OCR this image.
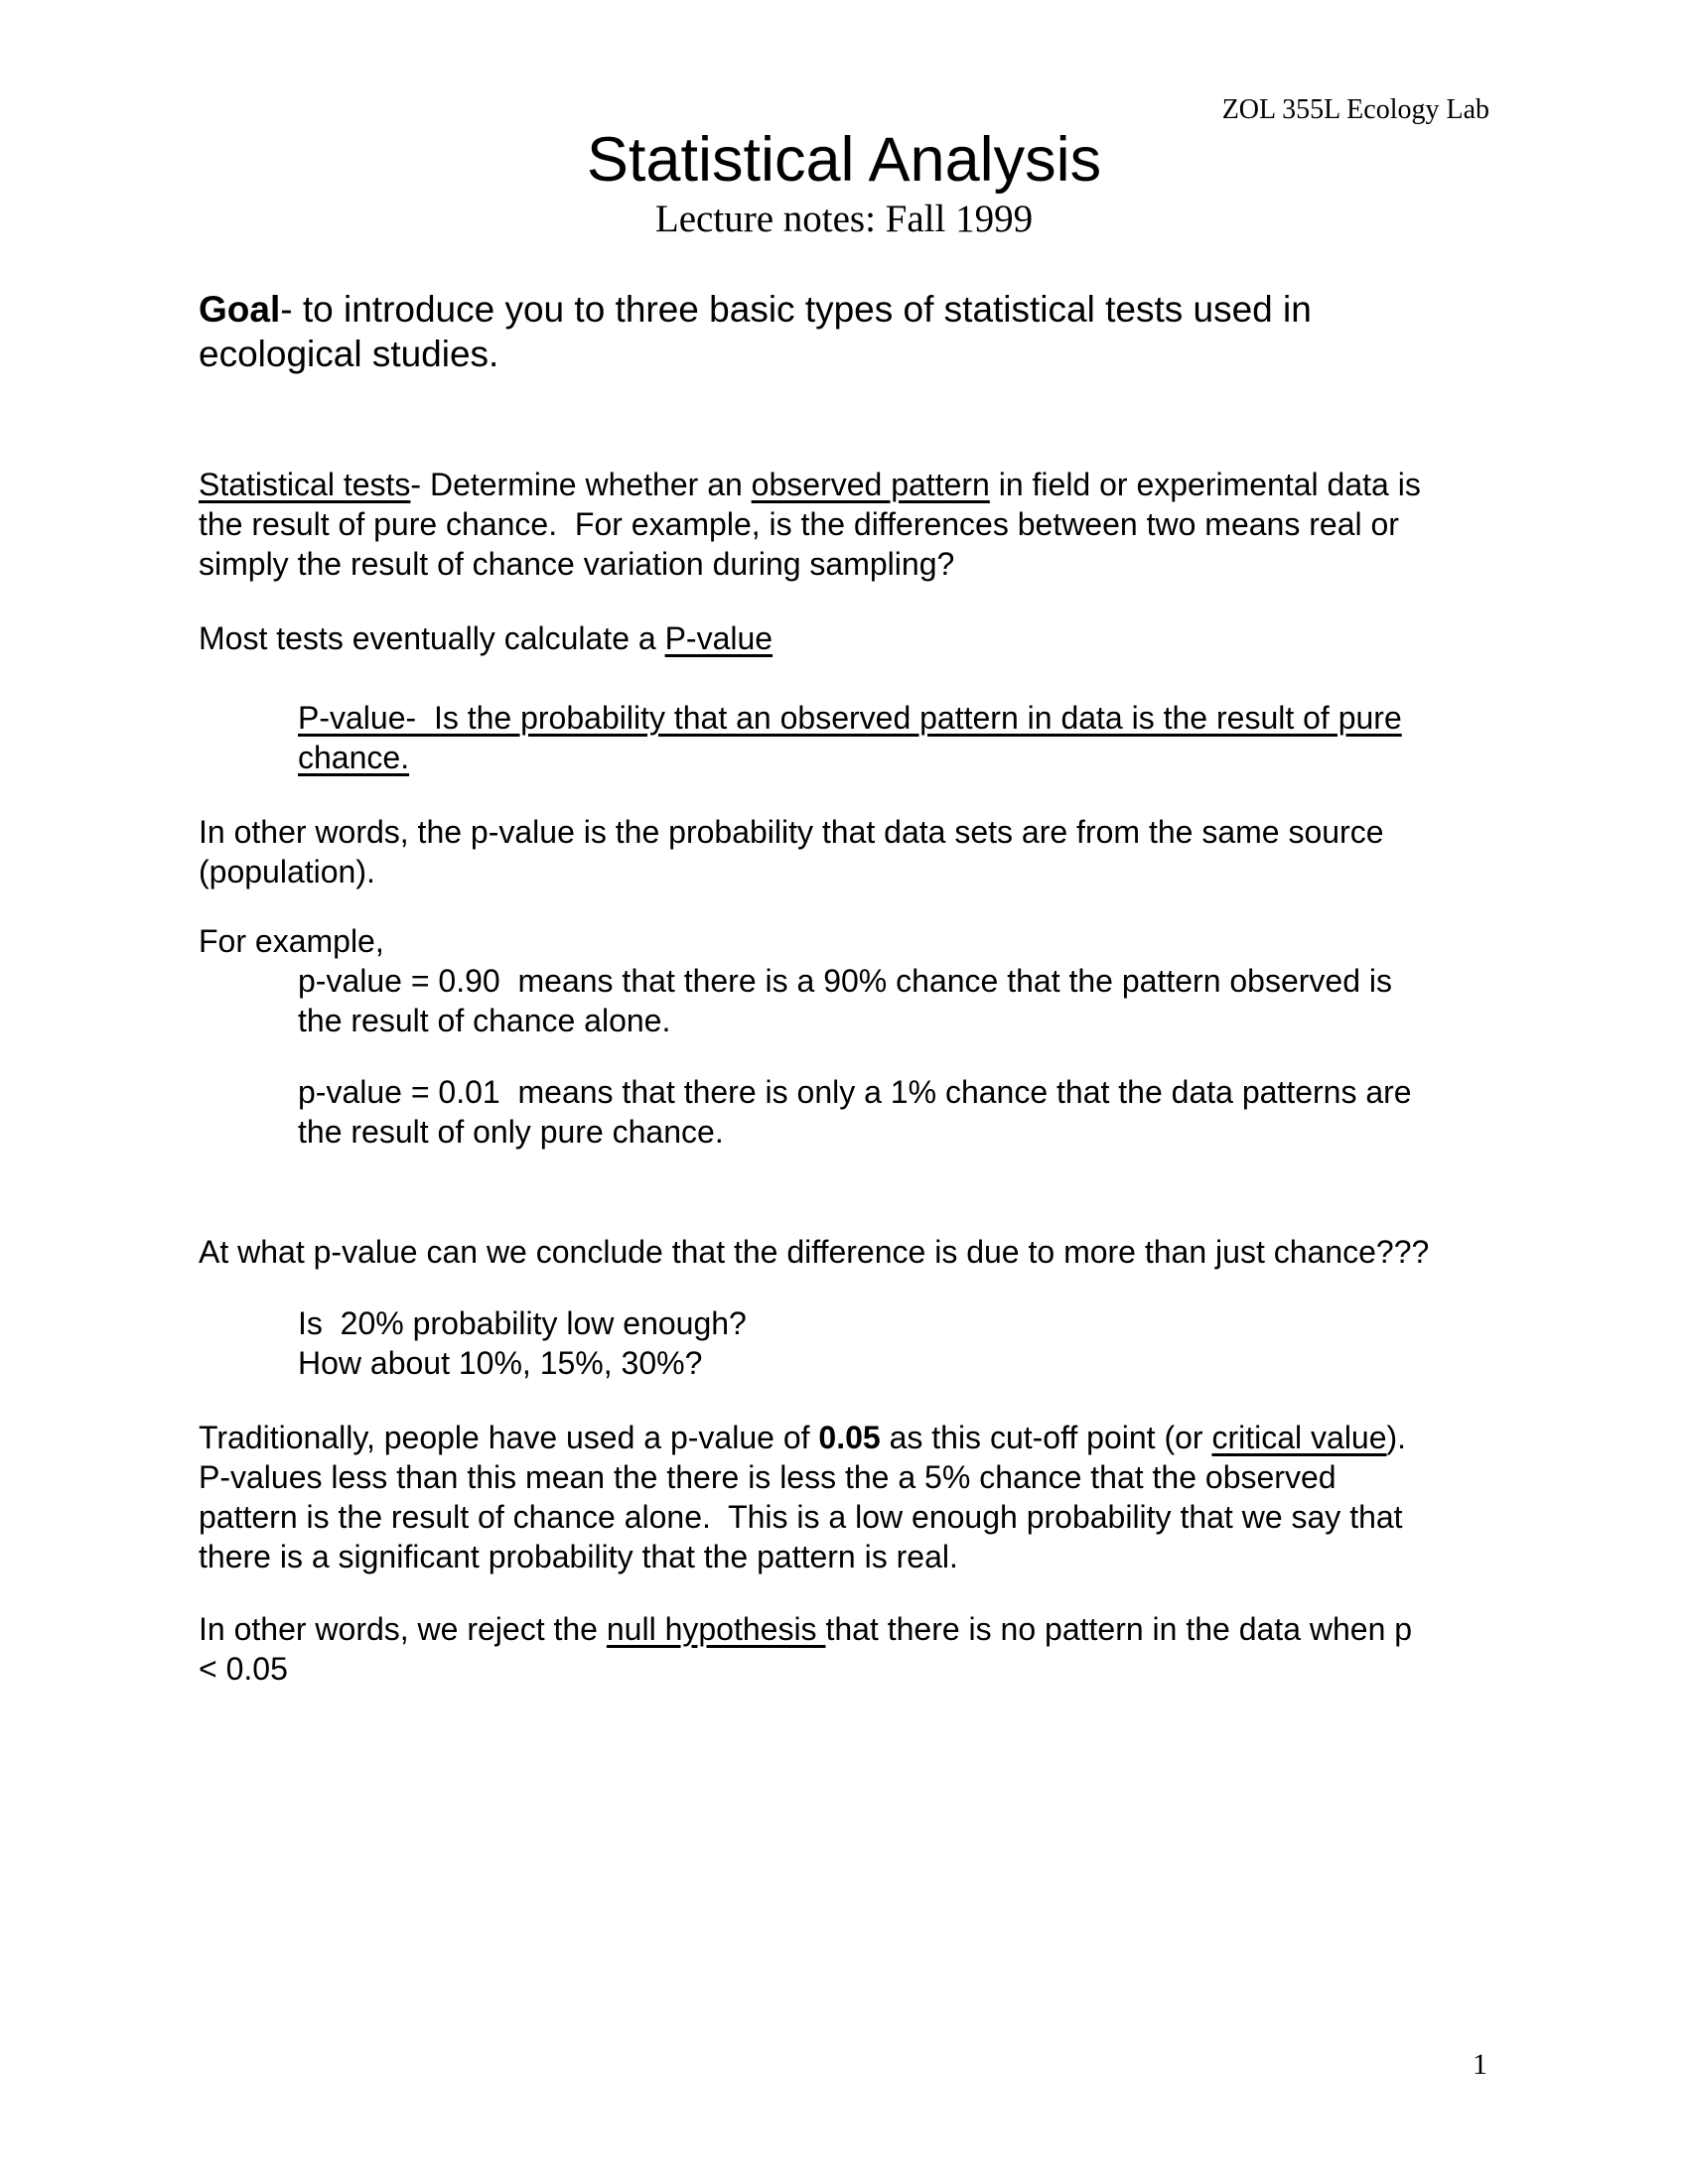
ZOL 355L Ecology Lab
Statistical Analysis
Lecture notes: Fall 1999
Goal- to introduce you to three basic types of statistical tests used in
ecological studies.
Statistical tests- Determine whether an observed pattern in field or experimental data is
the result of pure chance.  For example, is the differences between two means real or
simply the result of chance variation during sampling?
Most tests eventually calculate a P-value
P-value-  Is the probability that an observed pattern in data is the result of pure
chance.
In other words, the p-value is the probability that data sets are from the same source
(population).
For example,
p-value = 0.90  means that there is a 90% chance that the pattern observed is
the result of chance alone.
p-value = 0.01  means that there is only a 1% chance that the data patterns are
the result of only pure chance.
At what p-value can we conclude that the difference is due to more than just chance???
Is  20% probability low enough?
How about 10%, 15%, 30%?
Traditionally, people have used a p-value of 0.05 as this cut-off point (or critical value).
P-values less than this mean the there is less the a 5% chance that the observed
pattern is the result of chance alone.  This is a low enough probability that we say that
there is a significant probability that the pattern is real.
In other words, we reject the null hypothesis that there is no pattern in the data when p
< 0.05
1
